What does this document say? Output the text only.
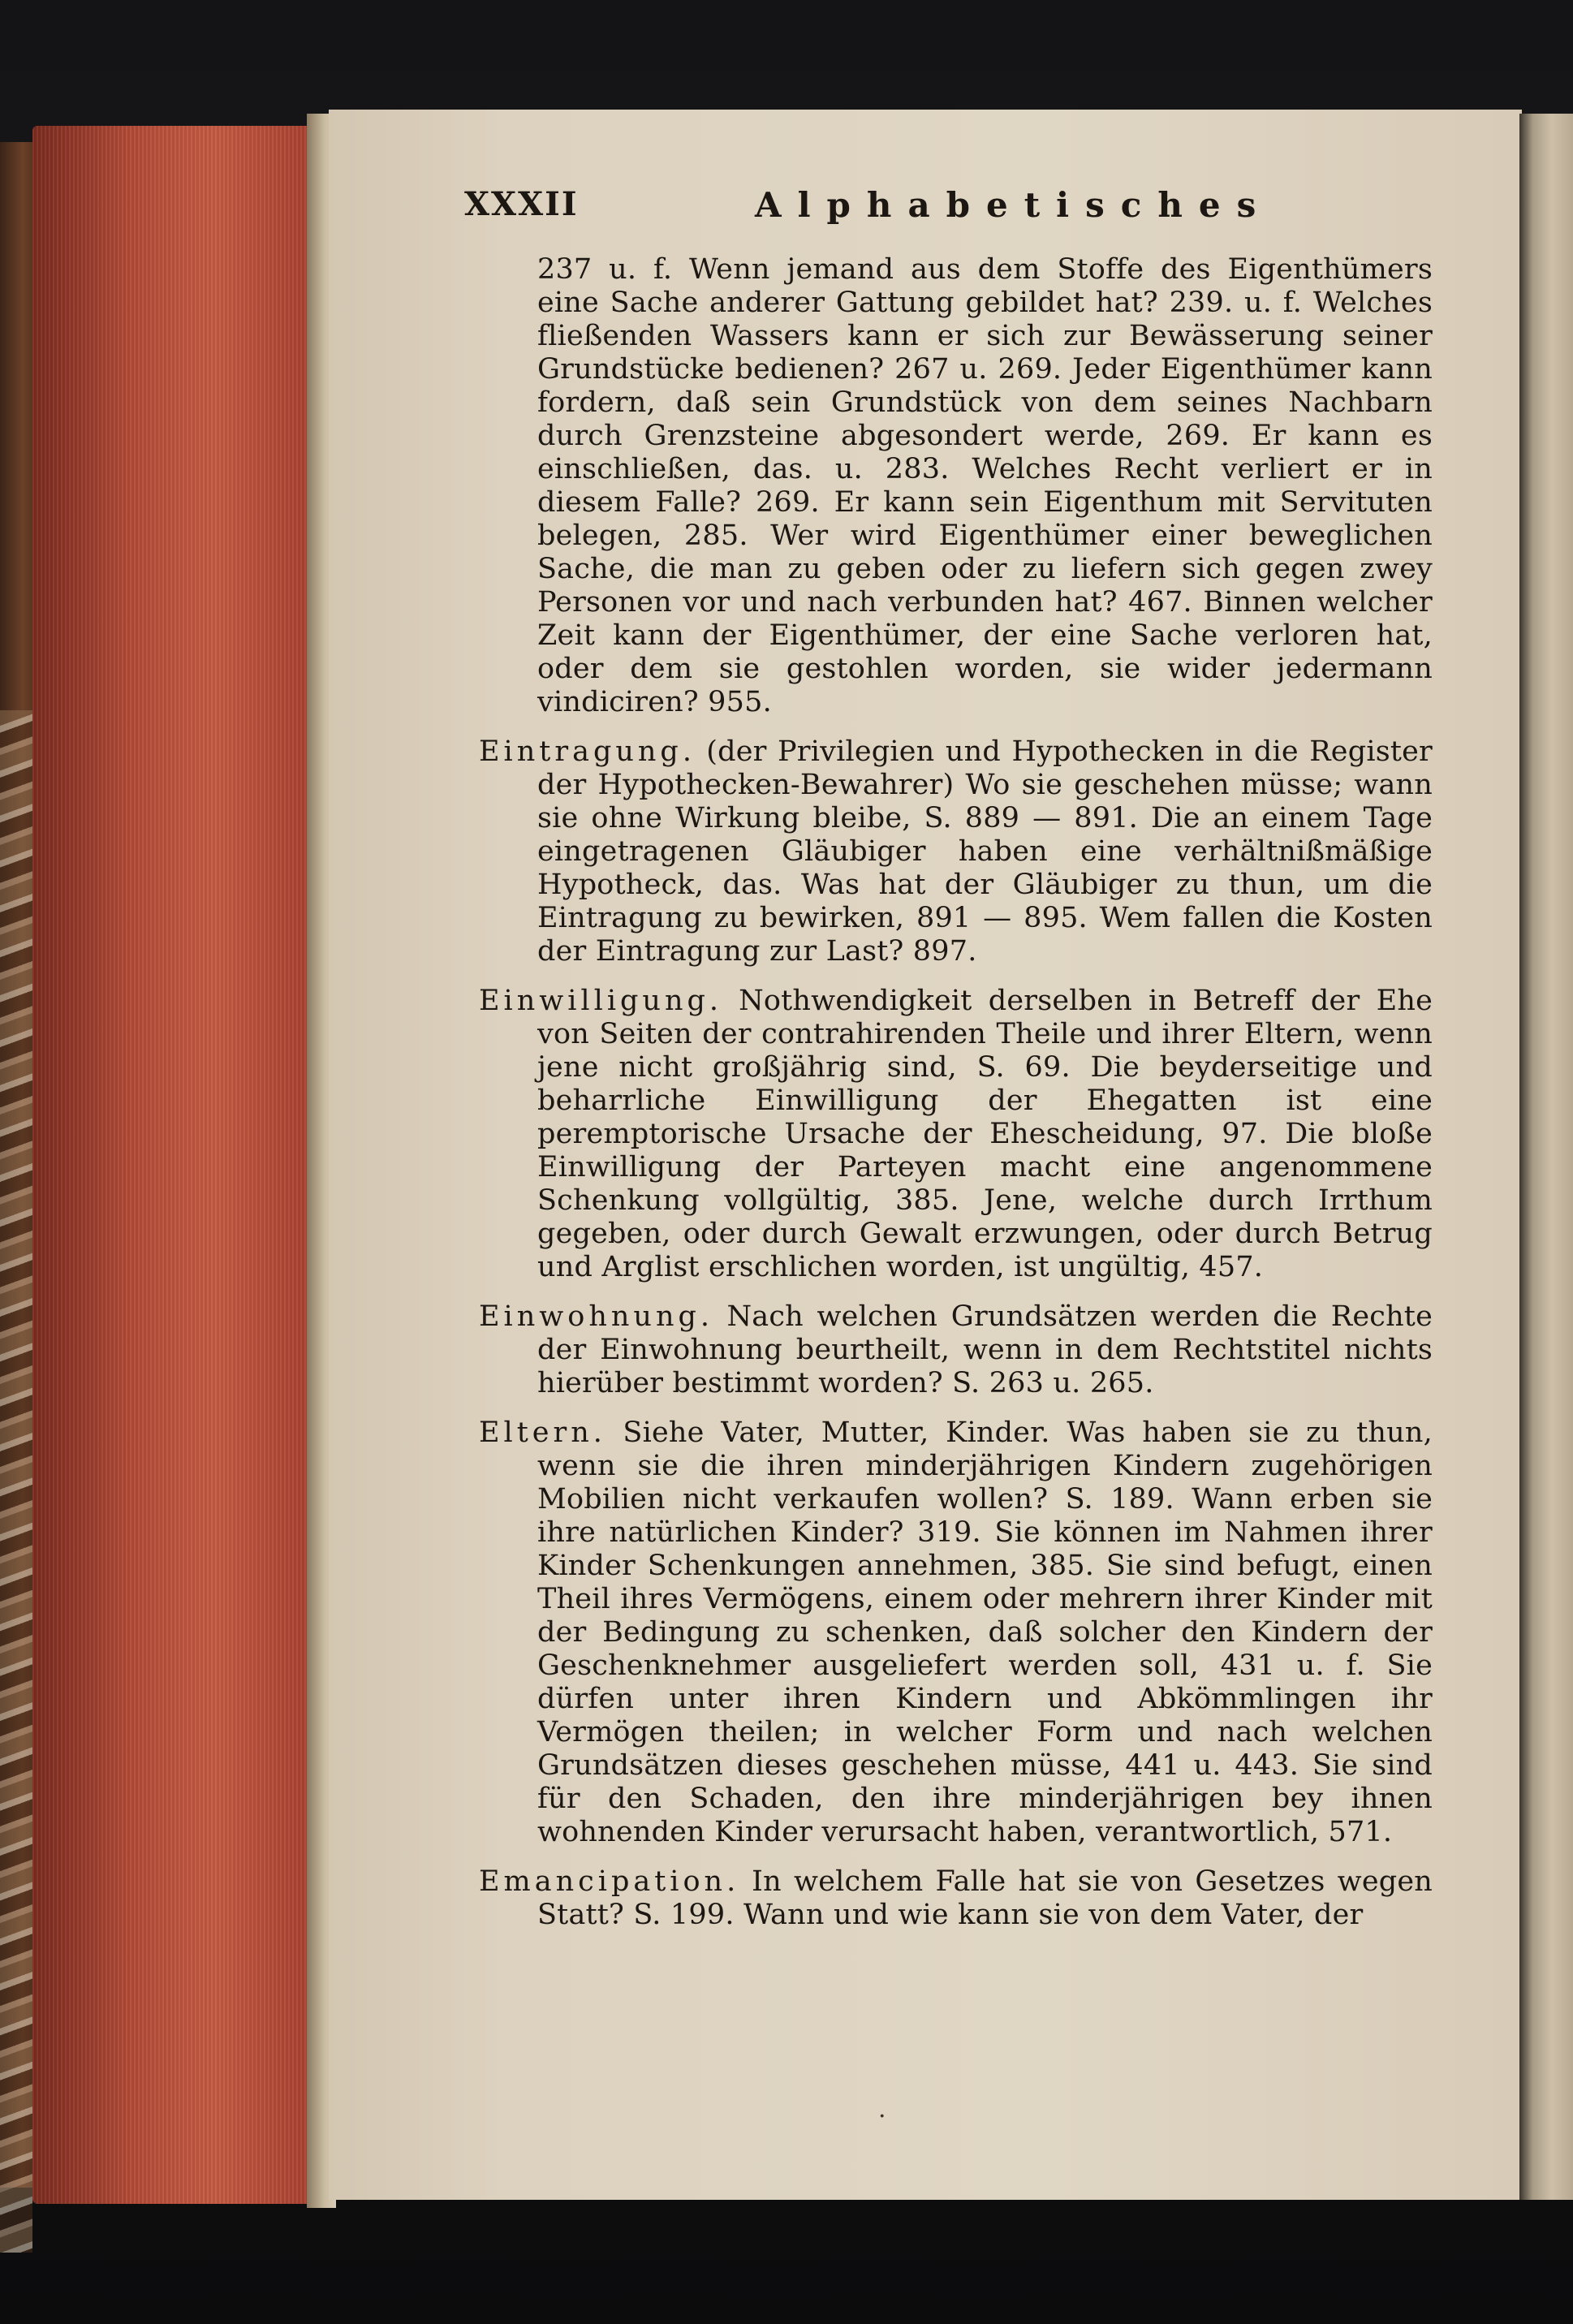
XXXII	Alphabetisches

237 u. f. Wenn jemand aus dem Stoffe des Eigenthümers eine Sache anderer Gattung gebildet hat? 239. u. f. Welches fließenden Wassers kann er sich zur Bewässerung seiner Grundstücke bedienen? 267 u. 269. Jeder Eigenthümer kann fordern, daß sein Grundstück von dem seines Nachbarn durch Grenzsteine abgesondert werde, 269. Er kann es einschließen, das. u. 283. Welches Recht verliert er in diesem Falle? 269. Er kann sein Eigenthum mit Servituten belegen, 285. Wer wird Eigenthümer einer beweglichen Sache, die man zu geben oder zu liefern sich gegen zwey Personen vor und nach verbunden hat? 467. Binnen welcher Zeit kann der Eigenthümer, der eine Sache verloren hat, oder dem sie gestohlen worden, sie wider jedermann vindiciren? 955.

Eintragung. (der Privilegien und Hypothecken in die Register der Hypothecken-Bewahrer) Wo sie geschehen müsse; wann sie ohne Wirkung bleibe, S. 889 — 891. Die an einem Tage eingetragenen Gläubiger haben eine verhältnißmäßige Hypotheck, das. Was hat der Gläubiger zu thun, um die Eintragung zu bewirken, 891 — 895. Wem fallen die Kosten der Eintragung zur Last? 897.

Einwilligung. Nothwendigkeit derselben in Betreff der Ehe von Seiten der contrahirenden Theile und ihrer Eltern, wenn jene nicht großjährig sind, S. 69. Die beyderseitige und beharrliche Einwilligung der Ehegatten ist eine peremptorische Ursache der Ehescheidung, 97. Die bloße Einwilligung der Parteyen macht eine angenommene Schenkung vollgültig, 385. Jene, welche durch Irrthum gegeben, oder durch Gewalt erzwungen, oder durch Betrug und Arglist erschlichen worden, ist ungültig, 457.

Einwohnung. Nach welchen Grundsätzen werden die Rechte der Einwohnung beurtheilt, wenn in dem Rechtstitel nichts hierüber bestimmt worden? S. 263 u. 265.

Eltern. Siehe Vater, Mutter, Kinder. Was haben sie zu thun, wenn sie die ihren minderjährigen Kindern zugehörigen Mobilien nicht verkaufen wollen? S. 189. Wann erben sie ihre natürlichen Kinder? 319. Sie können im Nahmen ihrer Kinder Schenkungen annehmen, 385. Sie sind befugt, einen Theil ihres Vermögens, einem oder mehrern ihrer Kinder mit der Bedingung zu schenken, daß solcher den Kindern der Geschenknehmer ausgeliefert werden soll, 431 u. f. Sie dürfen unter ihren Kindern und Abkömmlingen ihr Vermögen theilen; in welcher Form und nach welchen Grundsätzen dieses geschehen müsse, 441 u. 443. Sie sind für den Schaden, den ihre minderjährigen bey ihnen wohnenden Kinder verursacht haben, verantwortlich, 571.

Emancipation. In welchem Falle hat sie von Gesetzes wegen Statt? S. 199. Wann und wie kann sie von dem Vater, der

·
